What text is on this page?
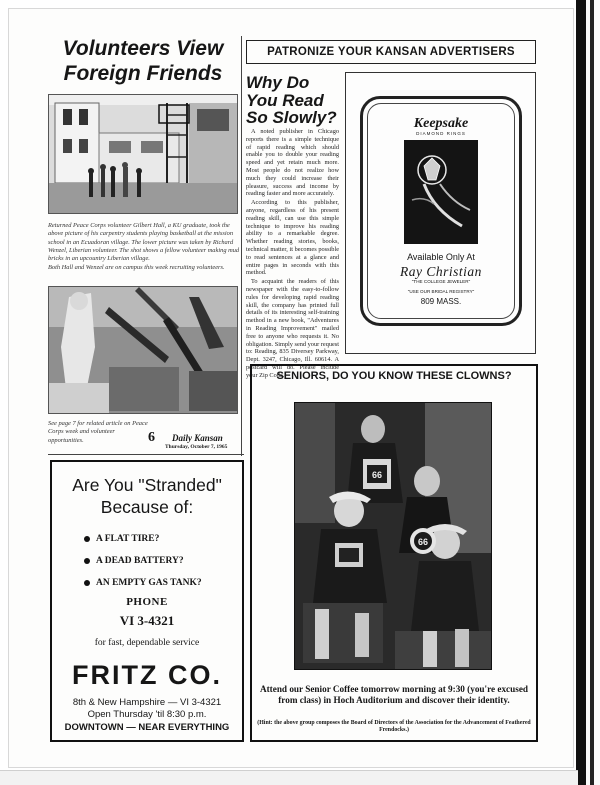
Volunteers View
Foreign Friends

Returned Peace Corps volunteer Gilbert Hall, a KU graduate, took the above picture of his carpentry students playing basketball at the mission school in an Ecuadoran village. The lower picture was taken by Richard Wenzel, Liberian volunteer. The shot shows a fellow volunteer making mud bricks in an upcountry Liberian village.

Both Hall and Wenzel are on campus this week recruiting volunteers.

See page 7 for related article on Peace Corps week and volunteer opportunities.	6 Daily Kansan
Thursday, October 7, 1965
PATRONIZE YOUR KANSAN ADVERTISERS
Why Do
You Read
So Slowly?

A noted publisher in Chicago reports there is a simple technique of rapid reading which should enable you to double your reading speed and yet retain much more. Most people do not realize how much they could increase their pleasure, success and income by reading faster and more accurately.

According to this publisher, anyone, regardless of his present reading skill, can use this simple technique to improve his reading ability to a remarkable degree. Whether reading stories, books, technical matter, it becomes possible to read sentences at a glance and entire pages in seconds with this method.

To acquaint the readers of this newspaper with the easy-to-follow rules for developing rapid reading skill, the company has printed full details of its interesting self-training method in a new book, "Adventures in Reading Improvement" mailed free to anyone who requests it. No obligation. Simply send your request to: Reading, 835 Diversey Parkway, Dept. 3247, Chicago, Ill. 60614. A postcard will do. Please include your Zip Code.

Keepsake
DIAMOND RINGS
Available Only At
Ray Christian
"THE COLLEGE JEWELER"
"USE OUR BRIDAL REGISTRY"
809 MASS.
SENIORS, DO YOU KNOW THESE CLOWNS?
66
66
Attend our Senior Coffee tomorrow morning at 9:30 (you're excused from class) in Hoch Auditorium and discover their identity.
(Hint: the above group composes the Board of Directors of the Association for the Advancement of Feathered Frendocks.)
Are You "Stranded"
Because of:
A FLAT TIRE?
A DEAD BATTERY?
AN EMPTY GAS TANK?
PHONE
VI 3-4321
for fast, dependable service
FRITZ CO.
8th & New Hampshire — VI 3-4321
Open Thursday 'til 8:30 p.m.
DOWNTOWN — NEAR EVERYTHING
